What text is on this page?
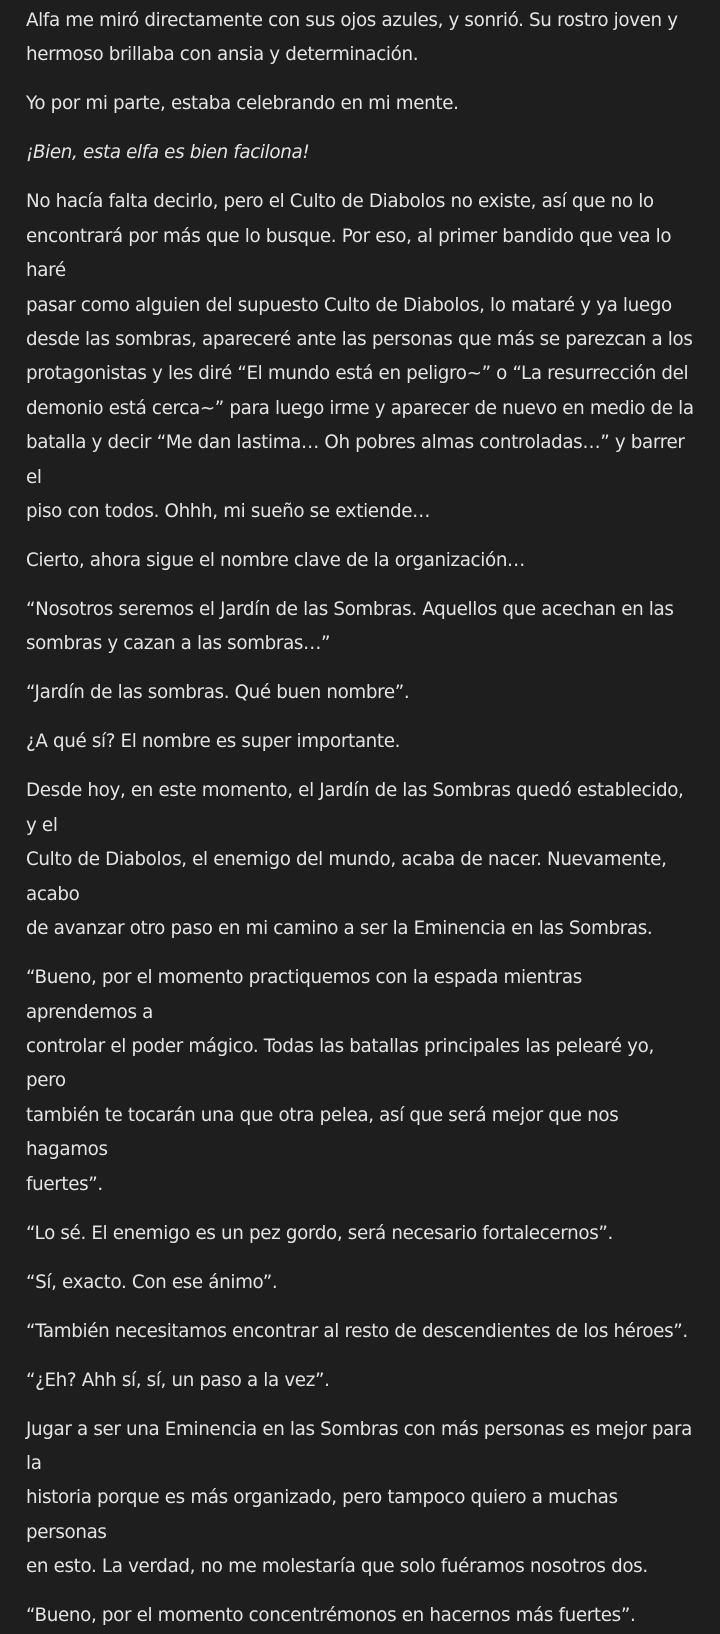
Alfa me miró directamente con sus ojos azules, y sonrió. Su rostro joven y
hermoso brillaba con ansia y determinación.

Yo por mi parte, estaba celebrando en mi mente.

¡Bien, esta elfa es bien facilona!

No hacía falta decirlo, pero el Culto de Diabolos no existe, así que no lo
encontrará por más que lo busque. Por eso, al primer bandido que vea lo haré
pasar como alguien del supuesto Culto de Diabolos, lo mataré y ya luego
desde las sombras, apareceré ante las personas que más se parezcan a los
protagonistas y les diré “El mundo está en peligro~” o “La resurrección del
demonio está cerca~” para luego irme y aparecer de nuevo en medio de la
batalla y decir “Me dan lastima… Oh pobres almas controladas…” y barrer el
piso con todos. Ohhh, mi sueño se extiende…

Cierto, ahora sigue el nombre clave de la organización…

“Nosotros seremos el Jardín de las Sombras. Aquellos que acechan en las
sombras y cazan a las sombras…”

“Jardín de las sombras. Qué buen nombre”.

¿A qué sí? El nombre es super importante.

Desde hoy, en este momento, el Jardín de las Sombras quedó establecido, y el
Culto de Diabolos, el enemigo del mundo, acaba de nacer. Nuevamente, acabo
de avanzar otro paso en mi camino a ser la Eminencia en las Sombras.

“Bueno, por el momento practiquemos con la espada mientras aprendemos a
controlar el poder mágico. Todas las batallas principales las pelearé yo, pero
también te tocarán una que otra pelea, así que será mejor que nos hagamos
fuertes”.

“Lo sé. El enemigo es un pez gordo, será necesario fortalecernos”.

“Sí, exacto. Con ese ánimo”.

“También necesitamos encontrar al resto de descendientes de los héroes”.

“¿Eh? Ahh sí, sí, un paso a la vez”.

Jugar a ser una Eminencia en las Sombras con más personas es mejor para la
historia porque es más organizado, pero tampoco quiero a muchas personas
en esto. La verdad, no me molestaría que solo fuéramos nosotros dos.

“Bueno, por el momento concentrémonos en hacernos más fuertes”.
